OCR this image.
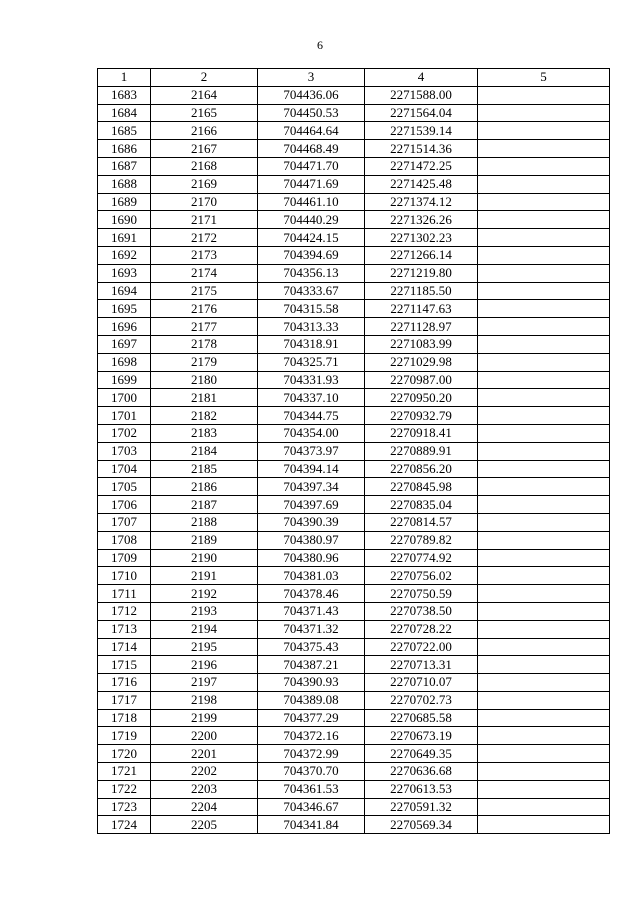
6
1	2	3	4	5
1683	2164	704436.06	2271588.00	
1684	2165	704450.53	2271564.04	
1685	2166	704464.64	2271539.14	
1686	2167	704468.49	2271514.36	
1687	2168	704471.70	2271472.25	
1688	2169	704471.69	2271425.48	
1689	2170	704461.10	2271374.12	
1690	2171	704440.29	2271326.26	
1691	2172	704424.15	2271302.23	
1692	2173	704394.69	2271266.14	
1693	2174	704356.13	2271219.80	
1694	2175	704333.67	2271185.50	
1695	2176	704315.58	2271147.63	
1696	2177	704313.33	2271128.97	
1697	2178	704318.91	2271083.99	
1698	2179	704325.71	2271029.98	
1699	2180	704331.93	2270987.00	
1700	2181	704337.10	2270950.20	
1701	2182	704344.75	2270932.79	
1702	2183	704354.00	2270918.41	
1703	2184	704373.97	2270889.91	
1704	2185	704394.14	2270856.20	
1705	2186	704397.34	2270845.98	
1706	2187	704397.69	2270835.04	
1707	2188	704390.39	2270814.57	
1708	2189	704380.97	2270789.82	
1709	2190	704380.96	2270774.92	
1710	2191	704381.03	2270756.02	
1711	2192	704378.46	2270750.59	
1712	2193	704371.43	2270738.50	
1713	2194	704371.32	2270728.22	
1714	2195	704375.43	2270722.00	
1715	2196	704387.21	2270713.31	
1716	2197	704390.93	2270710.07	
1717	2198	704389.08	2270702.73	
1718	2199	704377.29	2270685.58	
1719	2200	704372.16	2270673.19	
1720	2201	704372.99	2270649.35	
1721	2202	704370.70	2270636.68	
1722	2203	704361.53	2270613.53	
1723	2204	704346.67	2270591.32	
1724	2205	704341.84	2270569.34	
